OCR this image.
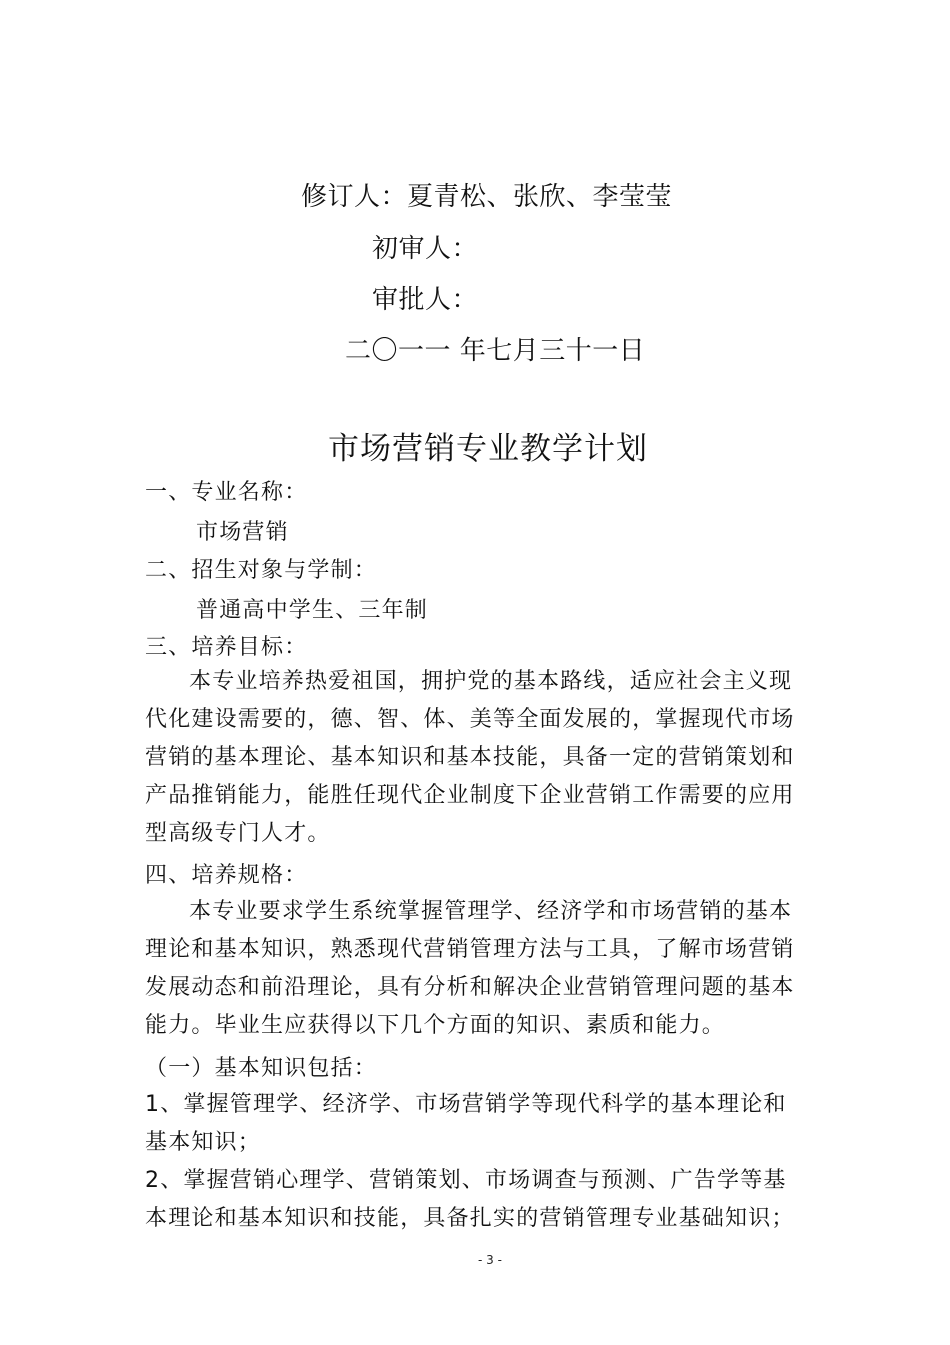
修订人：夏青松、张欣、李莹莹
初审人：
审批人：
二〇一一 年七月三十一日
市场营销专业教学计划
一、专业名称：
市场营销
二、招生对象与学制：
普通高中学生、三年制
三、培养目标：
本专业培养热爱祖国，拥护党的基本路线，适应社会主义现代化建设需要的，德、智、体、美等全面发展的，掌握现代市场营销的基本理论、基本知识和基本技能，具备一定的营销策划和产品推销能力，能胜任现代企业制度下企业营销工作需要的应用型高级专门人才。
四、培养规格：
本专业要求学生系统掌握管理学、经济学和市场营销的基本理论和基本知识，熟悉现代营销管理方法与工具，了解市场营销发展动态和前沿理论，具有分析和解决企业营销管理问题的基本能力。毕业生应获得以下几个方面的知识、素质和能力。
（一）基本知识包括：
1、掌握管理学、经济学、市场营销学等现代科学的基本理论和基本知识；
2、掌握营销心理学、营销策划、市场调查与预测、广告学等基本理论和基本知识和技能，具备扎实的营销管理专业基础知识；
- 3 -
